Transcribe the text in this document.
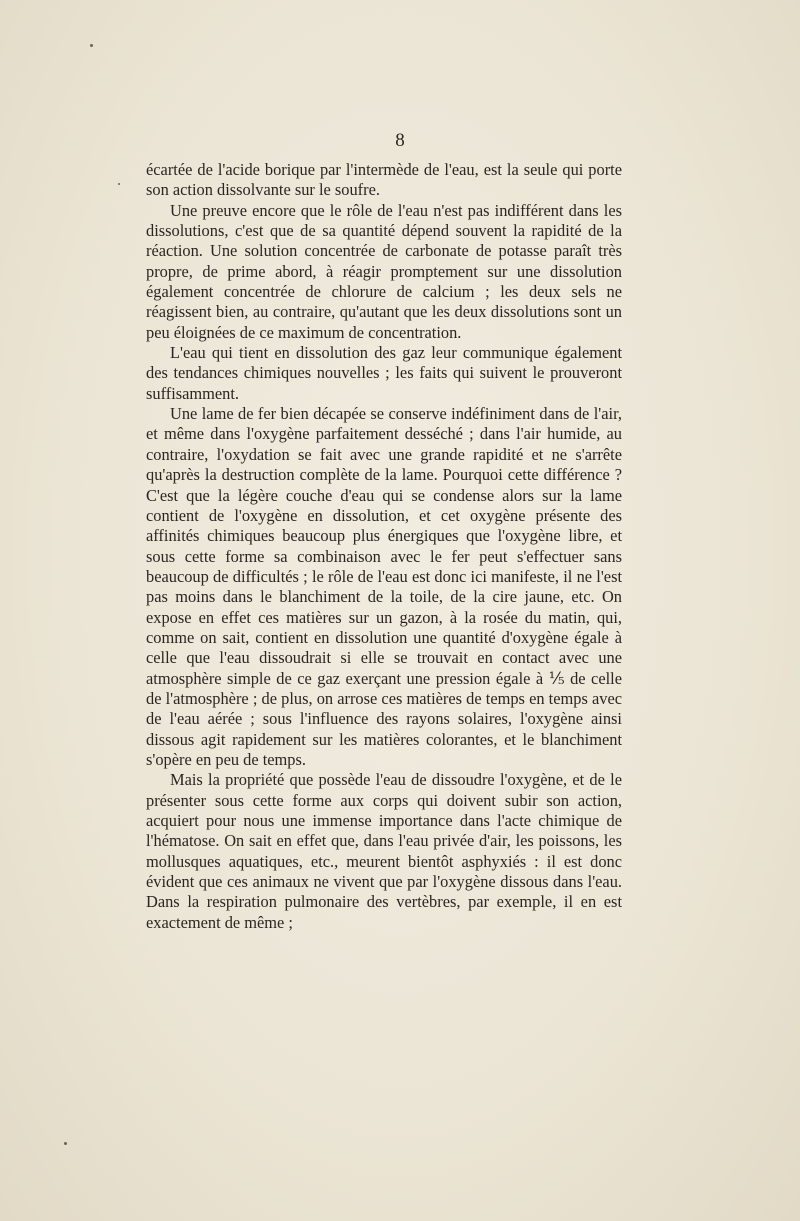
8

écartée de l'acide borique par l'intermède de l'eau, est la seule qui porte son action dissolvante sur le soufre.

Une preuve encore que le rôle de l'eau n'est pas indifférent dans les dissolutions, c'est que de sa quantité dépend souvent la rapidité de la réaction. Une solution concentrée de carbonate de potasse paraît très propre, de prime abord, à réagir promptement sur une dissolution également concentrée de chlorure de calcium ; les deux sels ne réagissent bien, au contraire, qu'autant que les deux dissolutions sont un peu éloignées de ce maximum de concentration.

L'eau qui tient en dissolution des gaz leur communique également des tendances chimiques nouvelles ; les faits qui suivent le prouveront suffisamment.

Une lame de fer bien décapée se conserve indéfiniment dans de l'air, et même dans l'oxygène parfaitement desséché ; dans l'air humide, au contraire, l'oxydation se fait avec une grande rapidité et ne s'arrête qu'après la destruction complète de la lame. Pourquoi cette différence ? C'est que la légère couche d'eau qui se condense alors sur la lame contient de l'oxygène en dissolution, et cet oxygène présente des affinités chimiques beaucoup plus énergiques que l'oxygène libre, et sous cette forme sa combinaison avec le fer peut s'effectuer sans beaucoup de difficultés ; le rôle de l'eau est donc ici manifeste, il ne l'est pas moins dans le blanchiment de la toile, de la cire jaune, etc. On expose en effet ces matières sur un gazon, à la rosée du matin, qui, comme on sait, contient en dissolution une quantité d'oxygène égale à celle que l'eau dissoudrait si elle se trouvait en contact avec une atmosphère simple de ce gaz exerçant une pression égale à ⅕ de celle de l'atmosphère ; de plus, on arrose ces matières de temps en temps avec de l'eau aérée ; sous l'influence des rayons solaires, l'oxygène ainsi dissous agit rapidement sur les matières colorantes, et le blanchiment s'opère en peu de temps.

Mais la propriété que possède l'eau de dissoudre l'oxygène, et de le présenter sous cette forme aux corps qui doivent subir son action, acquiert pour nous une immense importance dans l'acte chimique de l'hématose. On sait en effet que, dans l'eau privée d'air, les poissons, les mollusques aquatiques, etc., meurent bientôt asphyxiés : il est donc évident que ces animaux ne vivent que par l'oxygène dissous dans l'eau. Dans la respiration pulmonaire des vertèbres, par exemple, il en est exactement de même ;
